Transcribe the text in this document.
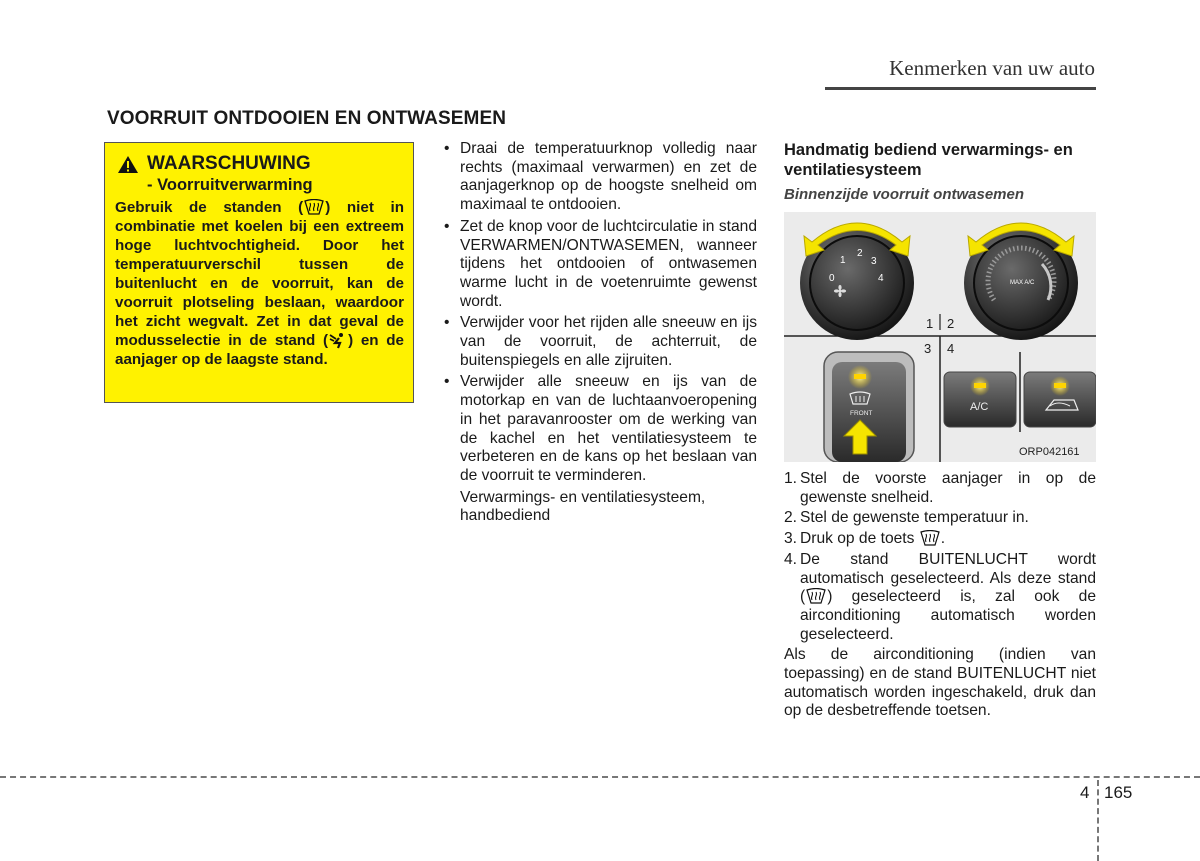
Kenmerken van uw auto
VOORRUIT ONTDOOIEN EN ONTWASEMEN
WAARSCHUWING
- Voorruitverwarming
Gebruik de standen ( ) niet in combinatie met koelen bij een extreem hoge luchtvochtigheid. Door het temperatuurverschil tussen de buitenlucht en de voorruit, kan de voorruit plotseling beslaan, waardoor het zicht wegvalt. Zet in dat geval de modusselectie in de stand ( ) en de aanjager op de laagste stand.
• Draai de temperatuurknop volledig naar rechts (maximaal verwarmen) en zet de aanjagerknop op de hoogste snelheid om maximaal te ontdooien.
• Zet de knop voor de luchtcirculatie in stand VERWARMEN/ONTWASEMEN, wanneer tijdens het ontdooien of ontwasemen warme lucht in de voetenruimte gewenst wordt.
• Verwijder voor het rijden alle sneeuw en ijs van de voorruit, de achterruit, de buitenspiegels en alle zijruiten.
• Verwijder alle sneeuw en ijs van de motorkap en van de luchtaanvoeropening in het paravanrooster om de werking van de kachel en het ventilatiesysteem te verbeteren en de kans op het beslaan van de voorruit te verminderen.
Verwarmings- en ventilatiesysteem, handbediend
Handmatig bediend verwarmings- en ventilatiesysteem
Binnenzijde voorruit ontwasemen
0
1
2
3
4	MAX A/C
1 2
3 4
FRONT
A/C
ORP042161
1. Stel de voorste aanjager in op de gewenste snelheid.
2. Stel de gewenste temperatuur in.
3. Druk op de toets .
4. De stand BUITENLUCHT wordt automatisch geselecteerd. Als deze stand ( ) geselecteerd is, zal ook de airconditioning automatisch worden geselecteerd.
Als de airconditioning (indien van toepassing) en de stand BUITENLUCHT niet automatisch worden ingeschakeld, druk dan op de desbetreffende toetsen.
4 165
